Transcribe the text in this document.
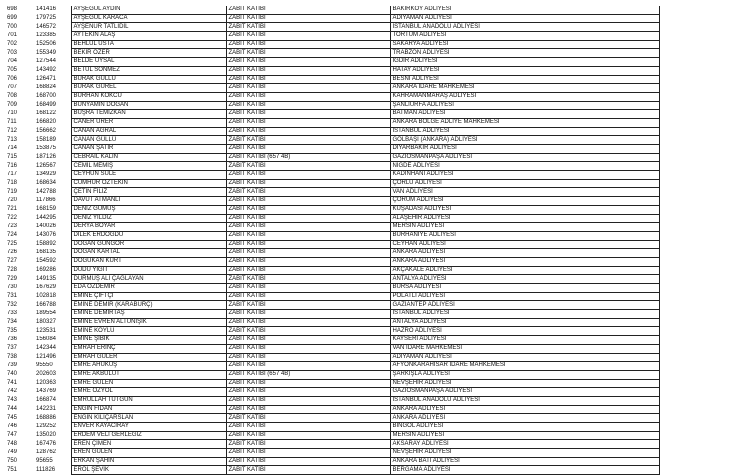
698	141416	AYŞEGÜL AYDIN	ZABIT KATİBİ	BAKIRKÖY ADLİYESİ	
699	179725	AYŞEGÜL KARACA	ZABIT KATİBİ	ADIYAMAN ADLİYESİ	
700	146572	AYŞENUR TATLIDİL	ZABIT KATİBİ	İSTANBUL ANADOLU ADLİYESİ	
701	123385	AYTEKİN ALAŞ	ZABIT KATİBİ	TORTUM ADLİYESİ	
702	152506	BEHLÜL USTA	ZABIT KATİBİ	SAKARYA ADLİYESİ	
703	155349	BEKİR ÖZER	ZABIT KATİBİ	TRABZON ADLİYESİ	
704	127544	BELDE UYSAL	ZABIT KATİBİ	IĞDIR ADLİYESİ	
705	143492	BETÜL SÖNMEZ	ZABIT KATİBİ	HATAY ADLİYESİ	
706	126471	BURAK GÜLLÜ	ZABIT KATİBİ	BESNİ ADLİYESİ	
707	168824	BURAK GÜREL	ZABIT KATİBİ	ANKARA İDARE MAHKEMESİ	
708	168700	BURHAN KOKCÜ	ZABIT KATİBİ	KAHRAMANMARAŞ ADLİYESİ	
709	168499	BÜNYAMİN DOĞAN	ZABIT KATİBİ	ŞANLIURFA ADLİYESİ	
710	168122	BÜŞRA TEMİZKAN	ZABIT KATİBİ	BATMAN ADLİYESİ	
711	166820	CANER ÜRER	ZABIT KATİBİ	ANKARA BÖLGE ADLİYE MAHKEMESİ	
712	156662	CANAN AĞRAL	ZABIT KATİBİ	İSTANBUL ADLİYESİ	
713	158189	CANAN GÜLLÜ	ZABIT KATİBİ	GÖLBAŞI (ANKARA) ADLİYESİ	
714	153875	CANAN ŞATIR	ZABIT KATİBİ	DİYARBAKIR ADLİYESİ	
715	187126	CEBRAİL KALIN	ZABIT KATİBİ (657 4B)	GAZİOSMANPAŞA ADLİYESİ	
716	126567	CEMİL MEMİŞ	ZABIT KATİBİ	NİĞDE ADLİYESİ	
717	134929	CEYHUN SÜLE	ZABIT KATİBİ	KADINHANI ADLİYESİ	
718	168634	CUMHUR ÖZTEKİN	ZABIT KATİBİ	ÇORLU ADLİYESİ	
719	142788	ÇETİN FİLİZ	ZABIT KATİBİ	VAN ADLİYESİ	
720	117866	DAVUT ATMANLI	ZABIT KATİBİ	ÇORUM ADLİYESİ	
721	168159	DENİZ GÜMÜŞ	ZABIT KATİBİ	KUŞADASI ADLİYESİ	
722	144295	DENİZ YILDIZ	ZABIT KATİBİ	ALAŞEHİR ADLİYESİ	
723	140026	DERYA BOYAR	ZABIT KATİBİ	MERSİN ADLİYESİ	
724	143076	DİLEK ERDOĞDU	ZABIT KATİBİ	BURHANİYE ADLİYESİ	
725	158892	DOĞAN GÜNGÖR	ZABIT KATİBİ	CEYHAN ADLİYESİ	
726	168135	DOĞAN KARTAL	ZABIT KATİBİ	ANKARA ADLİYESİ	
727	154592	DOĞUKAN KURT	ZABIT KATİBİ	ANKARA ADLİYESİ	
728	169286	DUDU YİĞİT	ZABIT KATİBİ	AKÇAKALE ADLİYESİ	
729	149135	DURMUŞ ALİ ÇAĞLAYAN	ZABIT KATİBİ	ANTALYA ADLİYESİ	
730	167629	EDA ÖZDEMİR	ZABIT KATİBİ	BURSA ADLİYESİ	
731	102818	EMİNE ÇİFTÇİ	ZABIT KATİBİ	POLATLI ADLİYESİ	
732	166788	EMİNE DEMİR (KARABURÇ)	ZABIT KATİBİ	GAZİANTEP ADLİYESİ	
733	189554	EMİNE DEMİRTAŞ	ZABIT KATİBİ	İSTANBUL ADLİYESİ	
734	180327	EMİNE EVREN ALTUNIŞIK	ZABIT KATİBİ	ANTALYA ADLİYESİ	
735	123531	EMİNE KOYLU	ZABIT KATİBİ	HAZRO ADLİYESİ	
736	156084	EMİNE ŞİBİK	ZABIT KATİBİ	KAYSERİ ADLİYESİ	
737	142344	EMRAH ERİNÇ	ZABIT KATİBİ	VAN İDARE MAHKEMESİ	
738	121496	EMRAH GÜLER	ZABIT KATİBİ	ADIYAMAN ADLİYESİ	
739	95550	EMRE AHUKUŞ	ZABIT KATİBİ	AFYONKARAHİSAR İDARE MAHKEMESİ	
740	202603	EMRE AKBULUT	ZABIT KATİBİ (657 4B)	ŞARKIŞLA ADLİYESİ	
741	120363	EMRE GÜLEN	ZABIT KATİBİ	NEVŞEHİR ADLİYESİ	
742	143769	EMRE ÖZYOL	ZABIT KATİBİ	GAZİOSMANPAŞA ADLİYESİ	
743	166874	EMRULLAH TUTGUN	ZABIT KATİBİ	İSTANBUL ANADOLU ADLİYESİ	
744	142231	ENGİN FİDAN	ZABIT KATİBİ	ANKARA ADLİYESİ	
745	168886	ENGİN KILIÇARSLAN	ZABIT KATİBİ	ANKARA ADLİYESİ	
746	129252	ENVER KAYACIRAY	ZABIT KATİBİ	BİNGÖL ADLİYESİ	
747	135020	ERDEM VELİ GERLEGİZ	ZABIT KATİBİ	MERSİN ADLİYESİ	
748	167476	EREN ÇİMEN	ZABIT KATİBİ	AKSARAY ADLİYESİ	
749	128762	EREN GÜLEN	ZABIT KATİBİ	NEVŞEHİR ADLİYESİ	
750	95655	ERKAN ŞAHİN	ZABIT KATİBİ	ANKARA BATI ADLİYESİ	
751	111826	EROL ŞEVİK	ZABIT KATİBİ	BERGAMA ADLİYESİ	
